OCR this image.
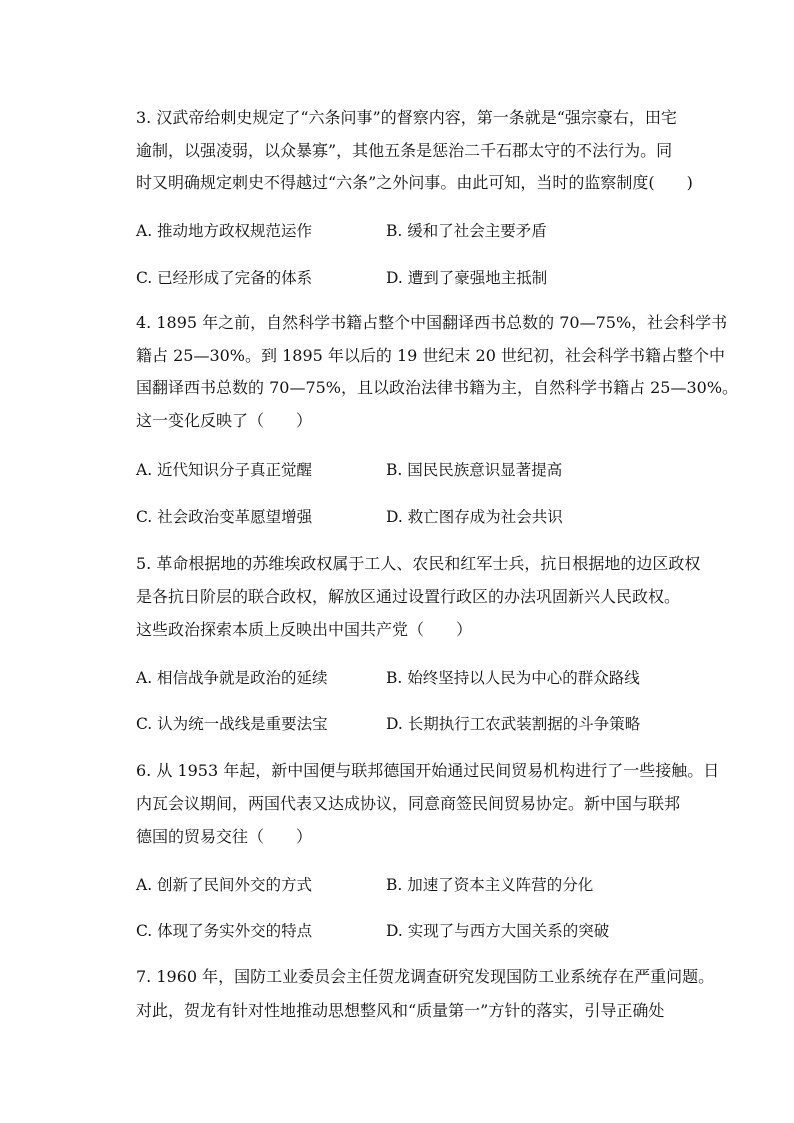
3. 汉武帝给刺史规定了“六条问事”的督察内容，第一条就是“强宗豪右，田宅
逾制，以强凌弱，以众暴寡”，其他五条是惩治二千石郡太守的不法行为。同
时又明确规定刺史不得越过“六条”之外问事。由此可知，当时的监察制度(　　)
A. 推动地方政权规范运作	B. 缓和了社会主要矛盾
C. 已经形成了完备的体系	D. 遭到了豪强地主抵制
4. 1895 年之前，自然科学书籍占整个中国翻译西书总数的 70—75%，社会科学书
籍占 25—30%。到 1895 年以后的 19 世纪末 20 世纪初，社会科学书籍占整个中
国翻译西书总数的 70—75%，且以政治法律书籍为主，自然科学书籍占 25—30%。
这一变化反映了（　　）
A. 近代知识分子真正觉醒	B. 国民民族意识显著提高
C. 社会政治变革愿望增强	D. 救亡图存成为社会共识
5. 革命根据地的苏维埃政权属于工人、农民和红军士兵，抗日根据地的边区政权
是各抗日阶层的联合政权，解放区通过设置行政区的办法巩固新兴人民政权。
这些政治探索本质上反映出中国共产党（　　）
A. 相信战争就是政治的延续	B. 始终坚持以人民为中心的群众路线
C. 认为统一战线是重要法宝	D. 长期执行工农武装割据的斗争策略
6. 从 1953 年起，新中国便与联邦德国开始通过民间贸易机构进行了一些接触。日
内瓦会议期间，两国代表又达成协议，同意商签民间贸易协定。新中国与联邦
德国的贸易交往（　　）
A. 创新了民间外交的方式	B. 加速了资本主义阵营的分化
C. 体现了务实外交的特点	D. 实现了与西方大国关系的突破
7. 1960 年，国防工业委员会主任贺龙调查研究发现国防工业系统存在严重问题。
对此，贺龙有针对性地推动思想整风和“质量第一”方针的落实，引导正确处
